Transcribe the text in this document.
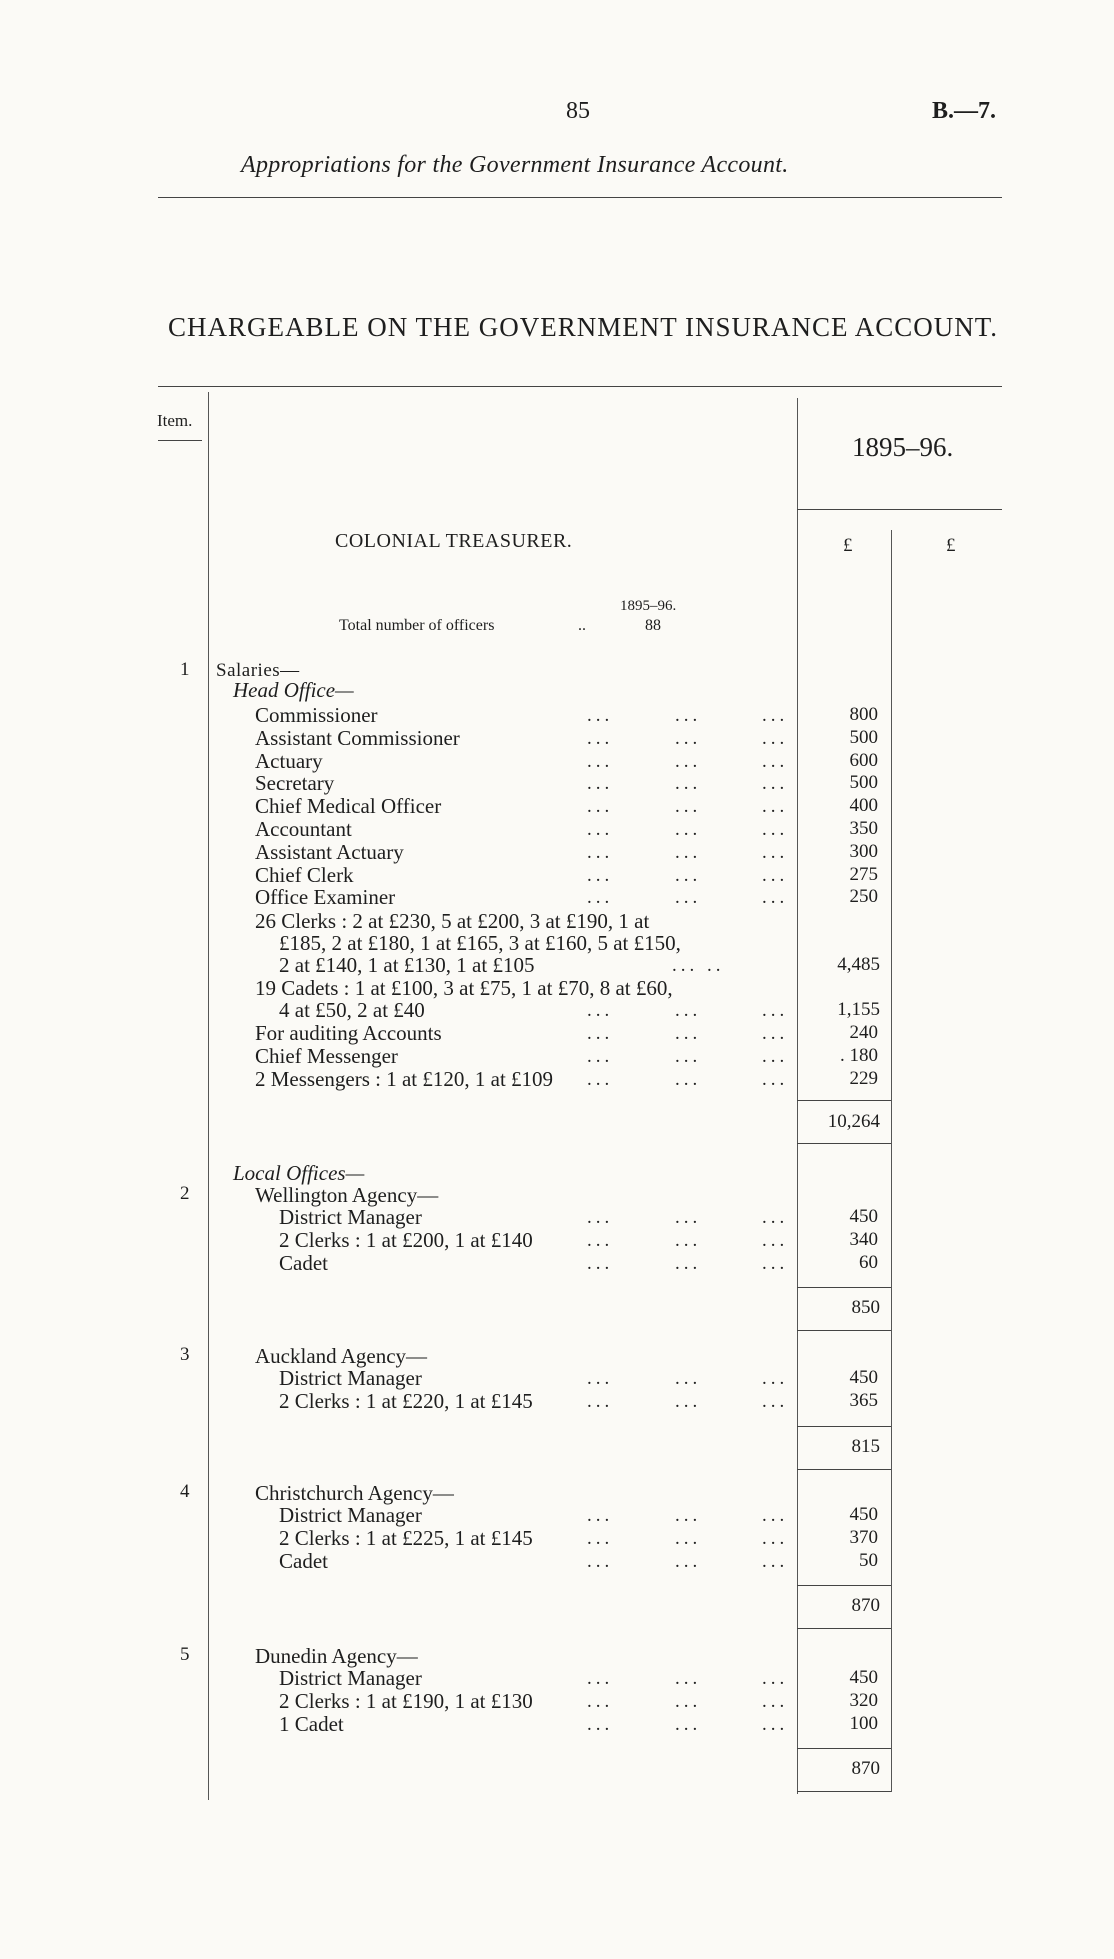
85	B.—7.
Appropriations for the Government Insurance Account.
CHARGEABLE ON THE GOVERNMENT INSURANCE ACCOUNT.
Item.
1895–96.
COLONIAL TREASURER.	£	£
1895–96.
Total number of officers	..	88
1 Salaries—
Head Office—
Commissioner	...	...	...	800
Assistant Commissioner	...	...	...	500
Actuary	...	...	...	600
Secretary	...	...	...	500
Chief Medical Officer	...	...	...	400
Accountant	...	...	...	350
Assistant Actuary	...	...	...	300
Chief Clerk	...	...	...	275
Office Examiner	...	...	...	250
26 Clerks : 2 at £230, 5 at £200, 3 at £190, 1 at
£185, 2 at £180, 1 at £165, 3 at £160, 5 at £150,
2 at £140, 1 at £130, 1 at £105	... ..	4,485
19 Cadets : 1 at £100, 3 at £75, 1 at £70, 8 at £60,
4 at £50, 2 at £40	...	...	...	1,155
For auditing Accounts	...	...	...	240
Chief Messenger	...	...	...	. 180
2 Messengers : 1 at £120, 1 at £109 ...	...	...	229
10,264
Local Offices—
2	Wellington Agency—
District Manager	...	...	...	450
2 Clerks : 1 at £200, 1 at £140	...	...	...	340
Cadet	...	...	...	60
850
3	Auckland Agency—
District Manager	...	...	...	450
2 Clerks : 1 at £220, 1 at £145	...	...	...	365
815
4	Christchurch Agency—
District Manager	...	...	...	450
2 Clerks : 1 at £225, 1 at £145	...	...	...	370
Cadet	...	...	...	50
870
5	Dunedin Agency—
District Manager	...	...	...	450
2 Clerks : 1 at £190, 1 at £130	...	...	...	320
1 Cadet	...	...	...	100
870
